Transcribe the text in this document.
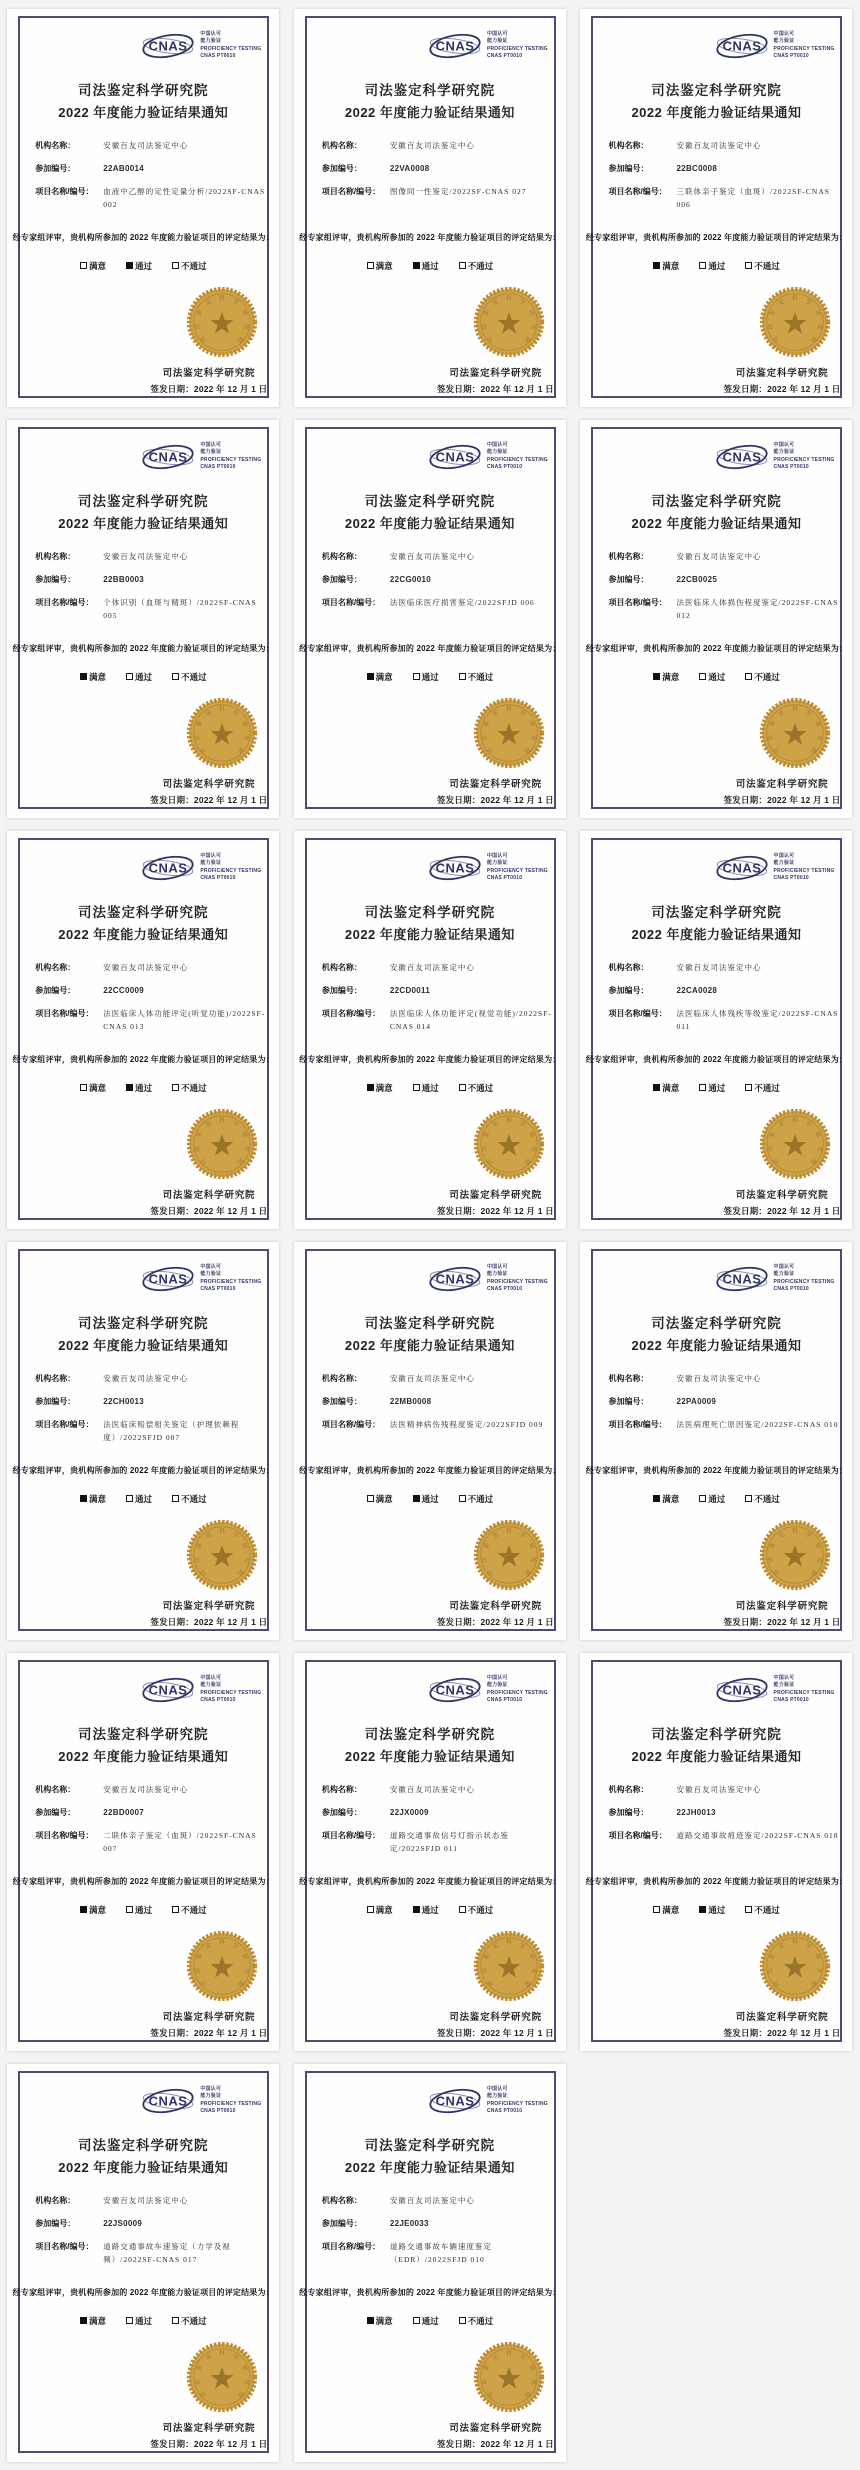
CNAS
中国认可
能力验证
PROFICIENCY TESTING
CNAS PT0010
司法鉴定科学研究院
2022 年度能力验证结果通知
机构名称：	安徽百友司法鉴定中心
参加编号：	22AB0014
项目名称/编号：	血液中乙醇的定性定量分析/2022SF-CNAS 002
经专家组评审，贵机构所参加的 2022 年度能力验证项目的评定结果为：
满意	通过	不通过
司
法
鉴
定 科 学
研
究
院
司法鉴定科学研究院
签发日期：2022 年 12 月 1 日
CNAS
中国认可
能力验证
PROFICIENCY TESTING
CNAS PT0010
司法鉴定科学研究院
2022 年度能力验证结果通知
机构名称：	安徽百友司法鉴定中心
参加编号：	22VA0008
项目名称/编号：	图像同一性鉴定/2022SF-CNAS 027
经专家组评审，贵机构所参加的 2022 年度能力验证项目的评定结果为：
满意	通过	不通过
司
法
鉴
定 科 学
研
究
院
司法鉴定科学研究院
签发日期：2022 年 12 月 1 日
CNAS
中国认可
能力验证
PROFICIENCY TESTING
CNAS PT0010
司法鉴定科学研究院
2022 年度能力验证结果通知
机构名称：	安徽百友司法鉴定中心
参加编号：	22BC0008
项目名称/编号：	三联体亲子鉴定（血斑）/2022SF-CNAS 006
经专家组评审，贵机构所参加的 2022 年度能力验证项目的评定结果为：
满意	通过	不通过
司
法
鉴
定 科 学
研
究
院
司法鉴定科学研究院
签发日期：2022 年 12 月 1 日
CNAS
中国认可
能力验证
PROFICIENCY TESTING
CNAS PT0010
司法鉴定科学研究院
2022 年度能力验证结果通知
机构名称：	安徽百友司法鉴定中心
参加编号：	22BB0003
项目名称/编号：	个体识别（血斑与精斑）/2022SF-CNAS 005
经专家组评审，贵机构所参加的 2022 年度能力验证项目的评定结果为：
满意	通过	不通过
司
法
鉴
定 科 学
研
究
院
司法鉴定科学研究院
签发日期：2022 年 12 月 1 日
CNAS
中国认可
能力验证
PROFICIENCY TESTING
CNAS PT0010
司法鉴定科学研究院
2022 年度能力验证结果通知
机构名称：	安徽百友司法鉴定中心
参加编号：	22CG0010
项目名称/编号：	法医临床医疗损害鉴定/2022SFJD 006
经专家组评审，贵机构所参加的 2022 年度能力验证项目的评定结果为：
满意	通过	不通过
司
法
鉴
定 科 学
研
究
院
司法鉴定科学研究院
签发日期：2022 年 12 月 1 日
CNAS
中国认可
能力验证
PROFICIENCY TESTING
CNAS PT0010
司法鉴定科学研究院
2022 年度能力验证结果通知
机构名称：	安徽百友司法鉴定中心
参加编号：	22CB0025
项目名称/编号：	法医临床人体损伤程度鉴定/2022SF-CNAS 012
经专家组评审，贵机构所参加的 2022 年度能力验证项目的评定结果为：
满意	通过	不通过
司
法
鉴
定 科 学
研
究
院
司法鉴定科学研究院
签发日期：2022 年 12 月 1 日
CNAS
中国认可
能力验证
PROFICIENCY TESTING
CNAS PT0010
司法鉴定科学研究院
2022 年度能力验证结果通知
机构名称：	安徽百友司法鉴定中心
参加编号：	22CC0009
项目名称/编号：	法医临床人体功能评定(听觉功能)/2022SF-CNAS 013
经专家组评审，贵机构所参加的 2022 年度能力验证项目的评定结果为：
满意	通过	不通过
司
法
鉴
定 科 学
研
究
院
司法鉴定科学研究院
签发日期：2022 年 12 月 1 日
CNAS
中国认可
能力验证
PROFICIENCY TESTING
CNAS PT0010
司法鉴定科学研究院
2022 年度能力验证结果通知
机构名称：	安徽百友司法鉴定中心
参加编号：	22CD0011
项目名称/编号：	法医临床人体功能评定(视觉功能)/2022SF-CNAS 014
经专家组评审，贵机构所参加的 2022 年度能力验证项目的评定结果为：
满意	通过	不通过
司
法
鉴
定 科 学
研
究
院
司法鉴定科学研究院
签发日期：2022 年 12 月 1 日
CNAS
中国认可
能力验证
PROFICIENCY TESTING
CNAS PT0010
司法鉴定科学研究院
2022 年度能力验证结果通知
机构名称：	安徽百友司法鉴定中心
参加编号：	22CA0028
项目名称/编号：	法医临床人体残疾等级鉴定/2022SF-CNAS 011
经专家组评审，贵机构所参加的 2022 年度能力验证项目的评定结果为：
满意	通过	不通过
司
法
鉴
定 科 学
研
究
院
司法鉴定科学研究院
签发日期：2022 年 12 月 1 日
CNAS
中国认可
能力验证
PROFICIENCY TESTING
CNAS PT0010
司法鉴定科学研究院
2022 年度能力验证结果通知
机构名称：	安徽百友司法鉴定中心
参加编号：	22CH0013
项目名称/编号：	法医临床赔偿相关鉴定（护理依赖程度）/2022SFJD 007
经专家组评审，贵机构所参加的 2022 年度能力验证项目的评定结果为：
满意	通过	不通过
司
法
鉴
定 科 学
研
究
院
司法鉴定科学研究院
签发日期：2022 年 12 月 1 日
CNAS
中国认可
能力验证
PROFICIENCY TESTING
CNAS PT0010
司法鉴定科学研究院
2022 年度能力验证结果通知
机构名称：	安徽百友司法鉴定中心
参加编号：	22MB0008
项目名称/编号：	法医精神病伤残程度鉴定/2022SFJD 009
经专家组评审，贵机构所参加的 2022 年度能力验证项目的评定结果为：
满意	通过	不通过
司
法
鉴
定 科 学
研
究
院
司法鉴定科学研究院
签发日期：2022 年 12 月 1 日
CNAS
中国认可
能力验证
PROFICIENCY TESTING
CNAS PT0010
司法鉴定科学研究院
2022 年度能力验证结果通知
机构名称：	安徽百友司法鉴定中心
参加编号：	22PA0009
项目名称/编号：	法医病理死亡原因鉴定/2022SF-CNAS 010
经专家组评审，贵机构所参加的 2022 年度能力验证项目的评定结果为：
满意	通过	不通过
司
法
鉴
定 科 学
研
究
院
司法鉴定科学研究院
签发日期：2022 年 12 月 1 日
CNAS
中国认可
能力验证
PROFICIENCY TESTING
CNAS PT0010
司法鉴定科学研究院
2022 年度能力验证结果通知
机构名称：	安徽百友司法鉴定中心
参加编号：	22BD0007
项目名称/编号：	二联体亲子鉴定（血斑）/2022SF-CNAS 007
经专家组评审，贵机构所参加的 2022 年度能力验证项目的评定结果为：
满意	通过	不通过
司
法
鉴
定 科 学
研
究
院
司法鉴定科学研究院
签发日期：2022 年 12 月 1 日
CNAS
中国认可
能力验证
PROFICIENCY TESTING
CNAS PT0010
司法鉴定科学研究院
2022 年度能力验证结果通知
机构名称：	安徽百友司法鉴定中心
参加编号：	22JX0009
项目名称/编号：	道路交通事故信号灯指示状态鉴定/2022SFJD 011
经专家组评审，贵机构所参加的 2022 年度能力验证项目的评定结果为：
满意	通过	不通过
司
法
鉴
定 科 学
研
究
院
司法鉴定科学研究院
签发日期：2022 年 12 月 1 日
CNAS
中国认可
能力验证
PROFICIENCY TESTING
CNAS PT0010
司法鉴定科学研究院
2022 年度能力验证结果通知
机构名称：	安徽百友司法鉴定中心
参加编号：	22JH0013
项目名称/编号：	道路交通事故痕迹鉴定/2022SF-CNAS 018
经专家组评审，贵机构所参加的 2022 年度能力验证项目的评定结果为：
满意	通过	不通过
司
法
鉴
定 科 学
研
究
院
司法鉴定科学研究院
签发日期：2022 年 12 月 1 日
CNAS
中国认可
能力验证
PROFICIENCY TESTING
CNAS PT0010
司法鉴定科学研究院
2022 年度能力验证结果通知
机构名称：	安徽百友司法鉴定中心
参加编号：	22JS0009
项目名称/编号：	道路交通事故车速鉴定（力学及视频）/2022SF-CNAS 017
经专家组评审，贵机构所参加的 2022 年度能力验证项目的评定结果为：
满意	通过	不通过
司
法
鉴
定 科 学
研
究
院
司法鉴定科学研究院
签发日期：2022 年 12 月 1 日
CNAS
中国认可
能力验证
PROFICIENCY TESTING
CNAS PT0010
司法鉴定科学研究院
2022 年度能力验证结果通知
机构名称：	安徽百友司法鉴定中心
参加编号：	22JE0033
项目名称/编号：	道路交通事故车辆速度鉴定（EDR）/2022SFJD 010
经专家组评审，贵机构所参加的 2022 年度能力验证项目的评定结果为：
满意	通过	不通过
司
法
鉴
定 科 学
研
究
院
司法鉴定科学研究院
签发日期：2022 年 12 月 1 日
